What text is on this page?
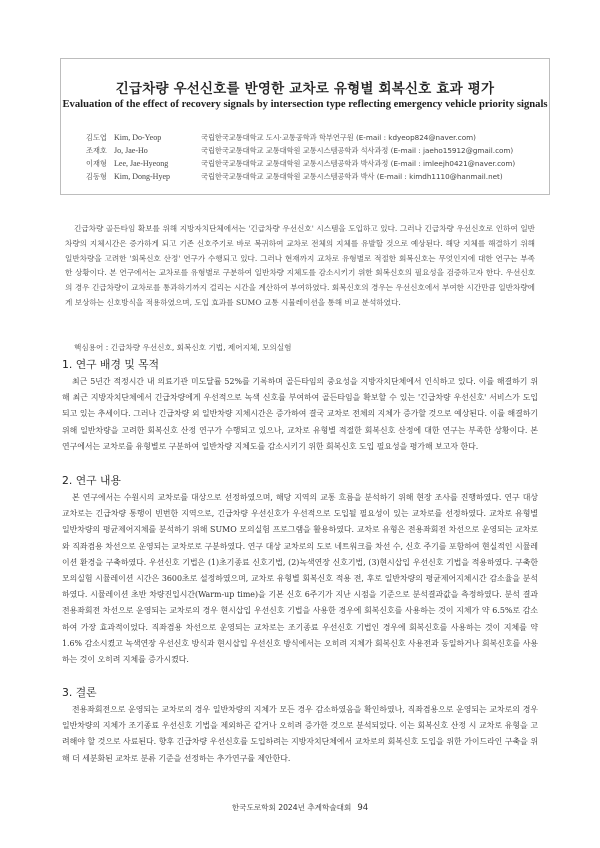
긴급차량 우선신호를 반영한 교차로 유형별 회복신호 효과 평가
Evaluation of the effect of recovery signals by intersection type reflecting emergency vehicle priority signals
김도엽 Kim, Do-Yeop	국립한국교통대학교 도시·교통공학과 학부연구원 (E-mail : kdyeop824@naver.com)
조재호 Jo, Jae-Ho	국립한국교통대학교 교통대학원 교통시스템공학과 석사과정 (E-mail : jaeho15912@gmail.com)
이재형 Lee, Jae-Hyeong	국립한국교통대학교 교통대학원 교통시스템공학과 박사과정 (E-mail : imleejh0421@naver.com)
김동형 Kim, Dong-Hyep	국립한국교통대학교 교통대학원 교통시스템공학과 박사 (E-mail : kimdh1110@hanmail.net)
긴급차량 골든타임 확보를 위해 지방자치단체에서는 '긴급차량 우선신호' 시스템을 도입하고 있다. 그러나 긴급차량 우선신호로 인하여 일반차량의 지체시간은 증가하게 되고 기존 신호주기로 바로 복귀하여 교차로 전체의 지체를 유발할 것으로 예상된다. 해당 지체를 해결하기 위해 일반차량을 고려한 '회복신호 산정' 연구가 수행되고 있다. 그러나 현재까지 교차로 유형별로 적절한 회복신호는 무엇인지에 대한 연구는 부족한 상황이다. 본 연구에서는 교차로를 유형별로 구분하여 일반차량 지체도를 감소시키기 위한 회복신호의 필요성을 검증하고자 한다. 우선신호의 경우 긴급차량이 교차로를 통과하기까지 걸리는 시간을 계산하여 부여하였다. 회복신호의 경우는 우선신호에서 부여한 시간만큼 일반차량에게 보상하는 신호방식을 적용하였으며, 도입 효과를 SUMO 교통 시뮬레이션을 통해 비교 분석하였다.
핵심용어 : 긴급차량 우선신호, 회복신호 기법, 제어지체, 모의실험
1. 연구 배경 및 목적
최근 5년간 적정시간 내 의료기관 미도달률 52%를 기록하며 골든타임의 중요성을 지방자치단체에서 인식하고 있다. 이를 해결하기 위해 최근 지방자치단체에서 긴급차량에게 우선적으로 녹색 신호를 부여하여 골든타임을 확보할 수 있는 '긴급차량 우선신호' 서비스가 도입되고 있는 추세이다. 그러나 긴급차량 외 일반차량 지체시간은 증가하여 결국 교차로 전체의 지체가 증가할 것으로 예상된다. 이를 해결하기 위해 일반차량을 고려한 회복신호 산정 연구가 수행되고 있으나, 교차로 유형별 적절한 회복신호 산정에 대한 연구는 부족한 상황이다. 본 연구에서는 교차로를 유형별로 구분하여 일반차량 지체도를 감소시키기 위한 회복신호 도입 필요성을 평가해 보고자 한다.
2. 연구 내용
본 연구에서는 수원시의 교차로를 대상으로 선정하였으며, 해당 지역의 교통 흐름을 분석하기 위해 현장 조사를 진행하였다. 연구 대상 교차로는 긴급차량 통행이 빈번한 지역으로, 긴급차량 우선신호가 우선적으로 도입될 필요성이 있는 교차로를 선정하였다. 교차로 유형별 일반차량의 평균제어지체를 분석하기 위해 SUMO 모의실험 프로그램을 활용하였다. 교차로 유형은 전용좌회전 차선으로 운영되는 교차로와 직좌겸용 차선으로 운영되는 교차로로 구분하였다. 연구 대상 교차로의 도로 네트워크를 차선 수, 신호 주기를 포함하여 현실적인 시뮬레이션 환경을 구축하였다. 우선신호 기법은 (1)초기종료 신호기법, (2)녹색연장 신호기법, (3)현시삽입 우선신호 기법을 적용하였다. 구축한 모의실험 시뮬레이션 시간은 3600초로 설정하였으며, 교차로 유형별 회복신호 적용 전, 후로 일반차량의 평균제어지체시간 감소율을 분석하였다. 시뮬레이션 초반 차량진입시간(Warm-up time)을 기본 신호 6주기가 지난 시점을 기준으로 분석결과값을 측정하였다. 분석 결과 전용좌회전 차선으로 운영되는 교차로의 경우 현시삽입 우선신호 기법을 사용한 경우에 회복신호를 사용하는 것이 지체가 약 6.5%로 감소하여 가장 효과적이었다. 직좌겸용 차선으로 운영되는 교차로는 조기종료 우선신호 기법인 경우에 회복신호를 사용하는 것이 지체를 약 1.6% 감소시켰고 녹색연장 우선신호 방식과 현시삽입 우선신호 방식에서는 오히려 지체가 회복신호 사용전과 동일하거나 회복신호를 사용하는 것이 오히려 지체를 증가시켰다.
3. 결론
전용좌회전으로 운영되는 교차로의 경우 일반차량의 지체가 모든 경우 감소하였음을 확인하였나, 직좌겸용으로 운영되는 교차로의 경우 일반차량의 지체가 조기종료 우선신호 기법을 제외하곤 같거나 오히려 증가한 것으로 분석되었다. 이는 회복신호 산정 시 교차로 유형을 고려해야 할 것으로 사료된다. 향후 긴급차량 우선신호를 도입하려는 지방자치단체에서 교차로의 회복신호 도입을 위한 가이드라인 구축을 위해 더 세분화된 교차로 분류 기준을 선정하는 추가연구를 제안한다.
한국도로학회 2024년 추계학술대회 94
